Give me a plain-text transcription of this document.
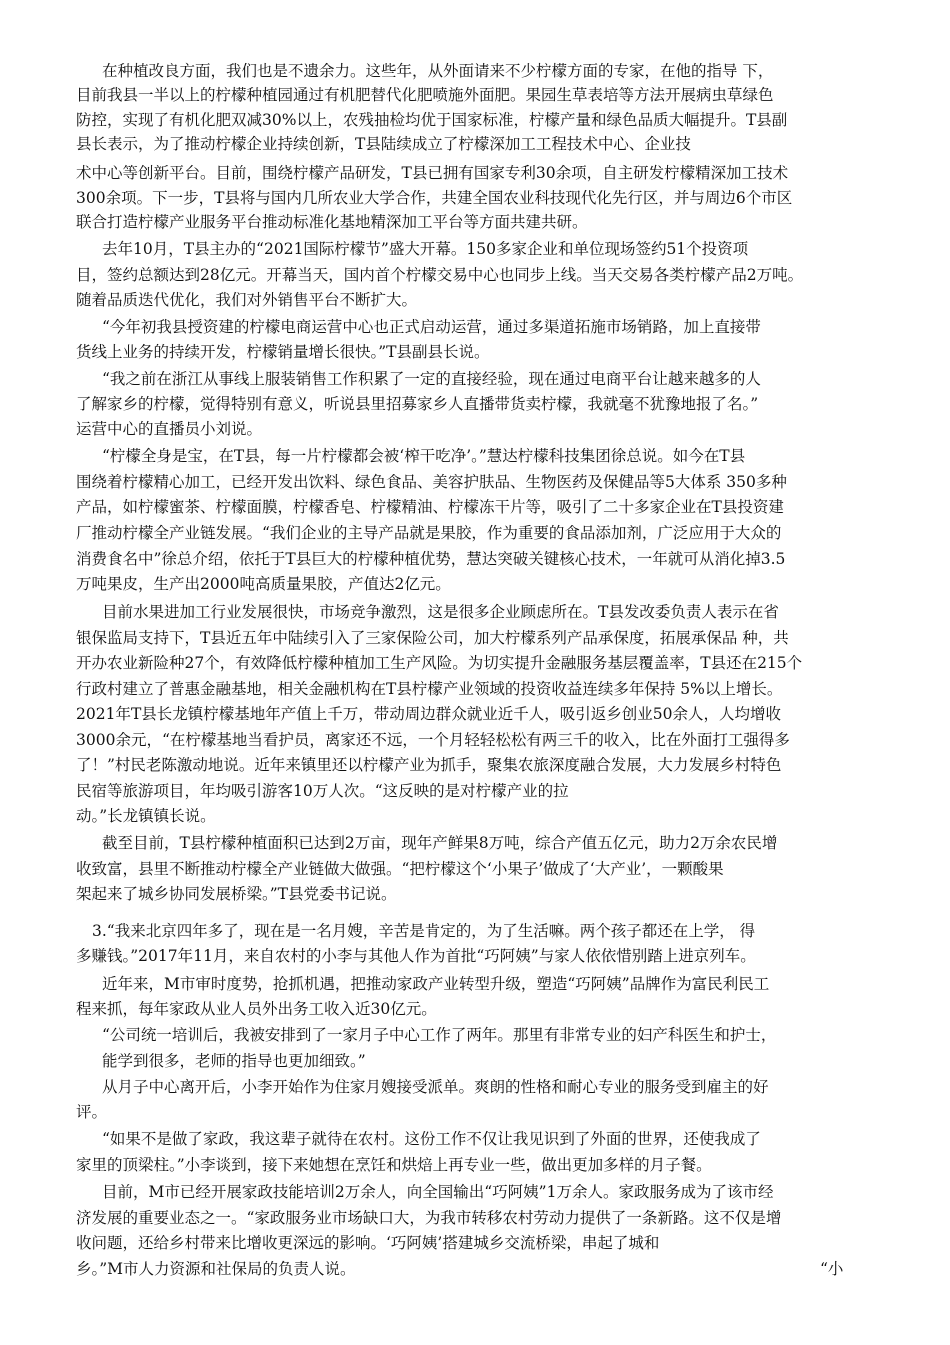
在种植改良方面，我们也是不遗余力。这些年，从外面请来不少柠檬方面的专家，在他的指导 下，
目前我县一半以上的柠檬种植园通过有机肥替代化肥喷施外面肥。果园生草表培等方法开展病虫草绿色
防控，实现了有机化肥双减30%以上，农残抽检均优于国家标准，柠檬产量和绿色品质大幅提升。T县副
县长表示，为了推动柠檬企业持续创新，T县陆续成立了柠檬深加工工程技术中心、企业技
术中心等创新平台。目前，围绕柠檬产品研发，T县已拥有国家专利30余项，自主研发柠檬精深加工技术
300余项。下一步，T县将与国内几所农业大学合作，共建全国农业科技现代化先行区，并与周边6个市区
联合打造柠檬产业服务平台推动标准化基地精深加工平台等方面共建共研。
去年10月，T县主办的“2021国际柠檬节”盛大开幕。150多家企业和单位现场签约51个投资项
目，签约总额达到28亿元。开幕当天，国内首个柠檬交易中心也同步上线。当天交易各类柠檬产品2万吨。
随着品质迭代优化，我们对外销售平台不断扩大。
“今年初我县授资建的柠檬电商运营中心也正式启动运营，通过多渠道拓施市场销路，加上直接带
货线上业务的持续开发，柠檬销量增长很快。”T县副县长说。
“我之前在浙江从事线上服装销售工作积累了一定的直接经验，现在通过电商平台让越来越多的人
了解家乡的柠檬，觉得特别有意义，听说县里招募家乡人直播带货卖柠檬，我就毫不犹豫地报了名。”
运营中心的直播员小刘说。
“柠檬全身是宝，在T县，每一片柠檬都会被‘榨干吃净’。”慧达柠檬科技集团徐总说。如今在T县
围绕着柠檬精心加工，已经开发出饮料、绿色食品、美容护肤品、生物医药及保健品等5大体系 350多种
产品，如柠檬蜜茶、柠檬面膜，柠檬香皂、柠檬精油、柠檬冻干片等，吸引了二十多家企业在T县投资建
厂推动柠檬全产业链发展。“我们企业的主导产品就是果胶，作为重要的食品添加剂，广泛应用于大众的
消费食名中”徐总介绍，依托于T县巨大的柠檬种植优势，慧达突破关键核心技术，一年就可从消化掉3.5
万吨果皮，生产出2000吨高质量果胶，产值达2亿元。
目前水果进加工行业发展很快，市场竞争激烈，这是很多企业顾虑所在。T县发改委负责人表示在省
银保监局支持下，T县近五年中陆续引入了三家保险公司，加大柠檬系列产品承保度，拓展承保品 种，共
开办农业新险种27个，有效降低柠檬种植加工生产风险。为切实提升金融服务基层覆盖率，T县还在215个
行政村建立了普惠金融基地，相关金融机构在T县柠檬产业领域的投资收益连续多年保持 5%以上增长。
2021年T县长龙镇柠檬基地年产值上千万，带动周边群众就业近千人，吸引返乡创业50余人，人均增收
3000余元，“在柠檬基地当看护员，离家还不远，一个月轻轻松松有两三千的收入，比在外面打工强得多
了！”村民老陈激动地说。近年来镇里还以柠檬产业为抓手，聚集农旅深度融合发展，大力发展乡村特色
民宿等旅游项目，年均吸引游客10万人次。“这反映的是对柠檬产业的拉
动。”长龙镇镇长说。
截至目前，T县柠檬种植面积已达到2万亩，现年产鲜果8万吨，综合产值五亿元，助力2万余农民增
收致富，县里不断推动柠檬全产业链做大做强。“把柠檬这个‘小果子’做成了‘大产业’，一颗酸果
架起来了城乡协同发展桥梁。”T县党委书记说。
3.“我来北京四年多了，现在是一名月嫂，辛苦是肯定的，为了生活嘛。两个孩子都还在上学， 得
多赚钱。”2017年11月，来自农村的小李与其他人作为首批“巧阿姨”与家人依依惜别踏上进京列车。
近年来，M市审时度势，抢抓机遇，把推动家政产业转型升级，塑造“巧阿姨”品牌作为富民利民工
程来抓，每年家政从业人员外出务工收入近30亿元。
“公司统一培训后，我被安排到了一家月子中心工作了两年。那里有非常专业的妇产科医生和护士，
能学到很多，老师的指导也更加细致。”
从月子中心离开后，小李开始作为住家月嫂接受派单。爽朗的性格和耐心专业的服务受到雇主的好
评。
“如果不是做了家政，我这辈子就待在农村。这份工作不仅让我见识到了外面的世界，还使我成了
家里的顶梁柱。”小李谈到，接下来她想在烹饪和烘焙上再专业一些，做出更加多样的月子餐。
目前，M市已经开展家政技能培训2万余人，向全国输出“巧阿姨”1万余人。家政服务成为了该市经
济发展的重要业态之一。“家政服务业市场缺口大，为我市转移农村劳动力提供了一条新路。这不仅是增
收问题，还给乡村带来比增收更深远的影响。‘巧阿姨’搭建城乡交流桥梁，串起了城和
乡。”M市人力资源和社保局的负责人说。	“小
